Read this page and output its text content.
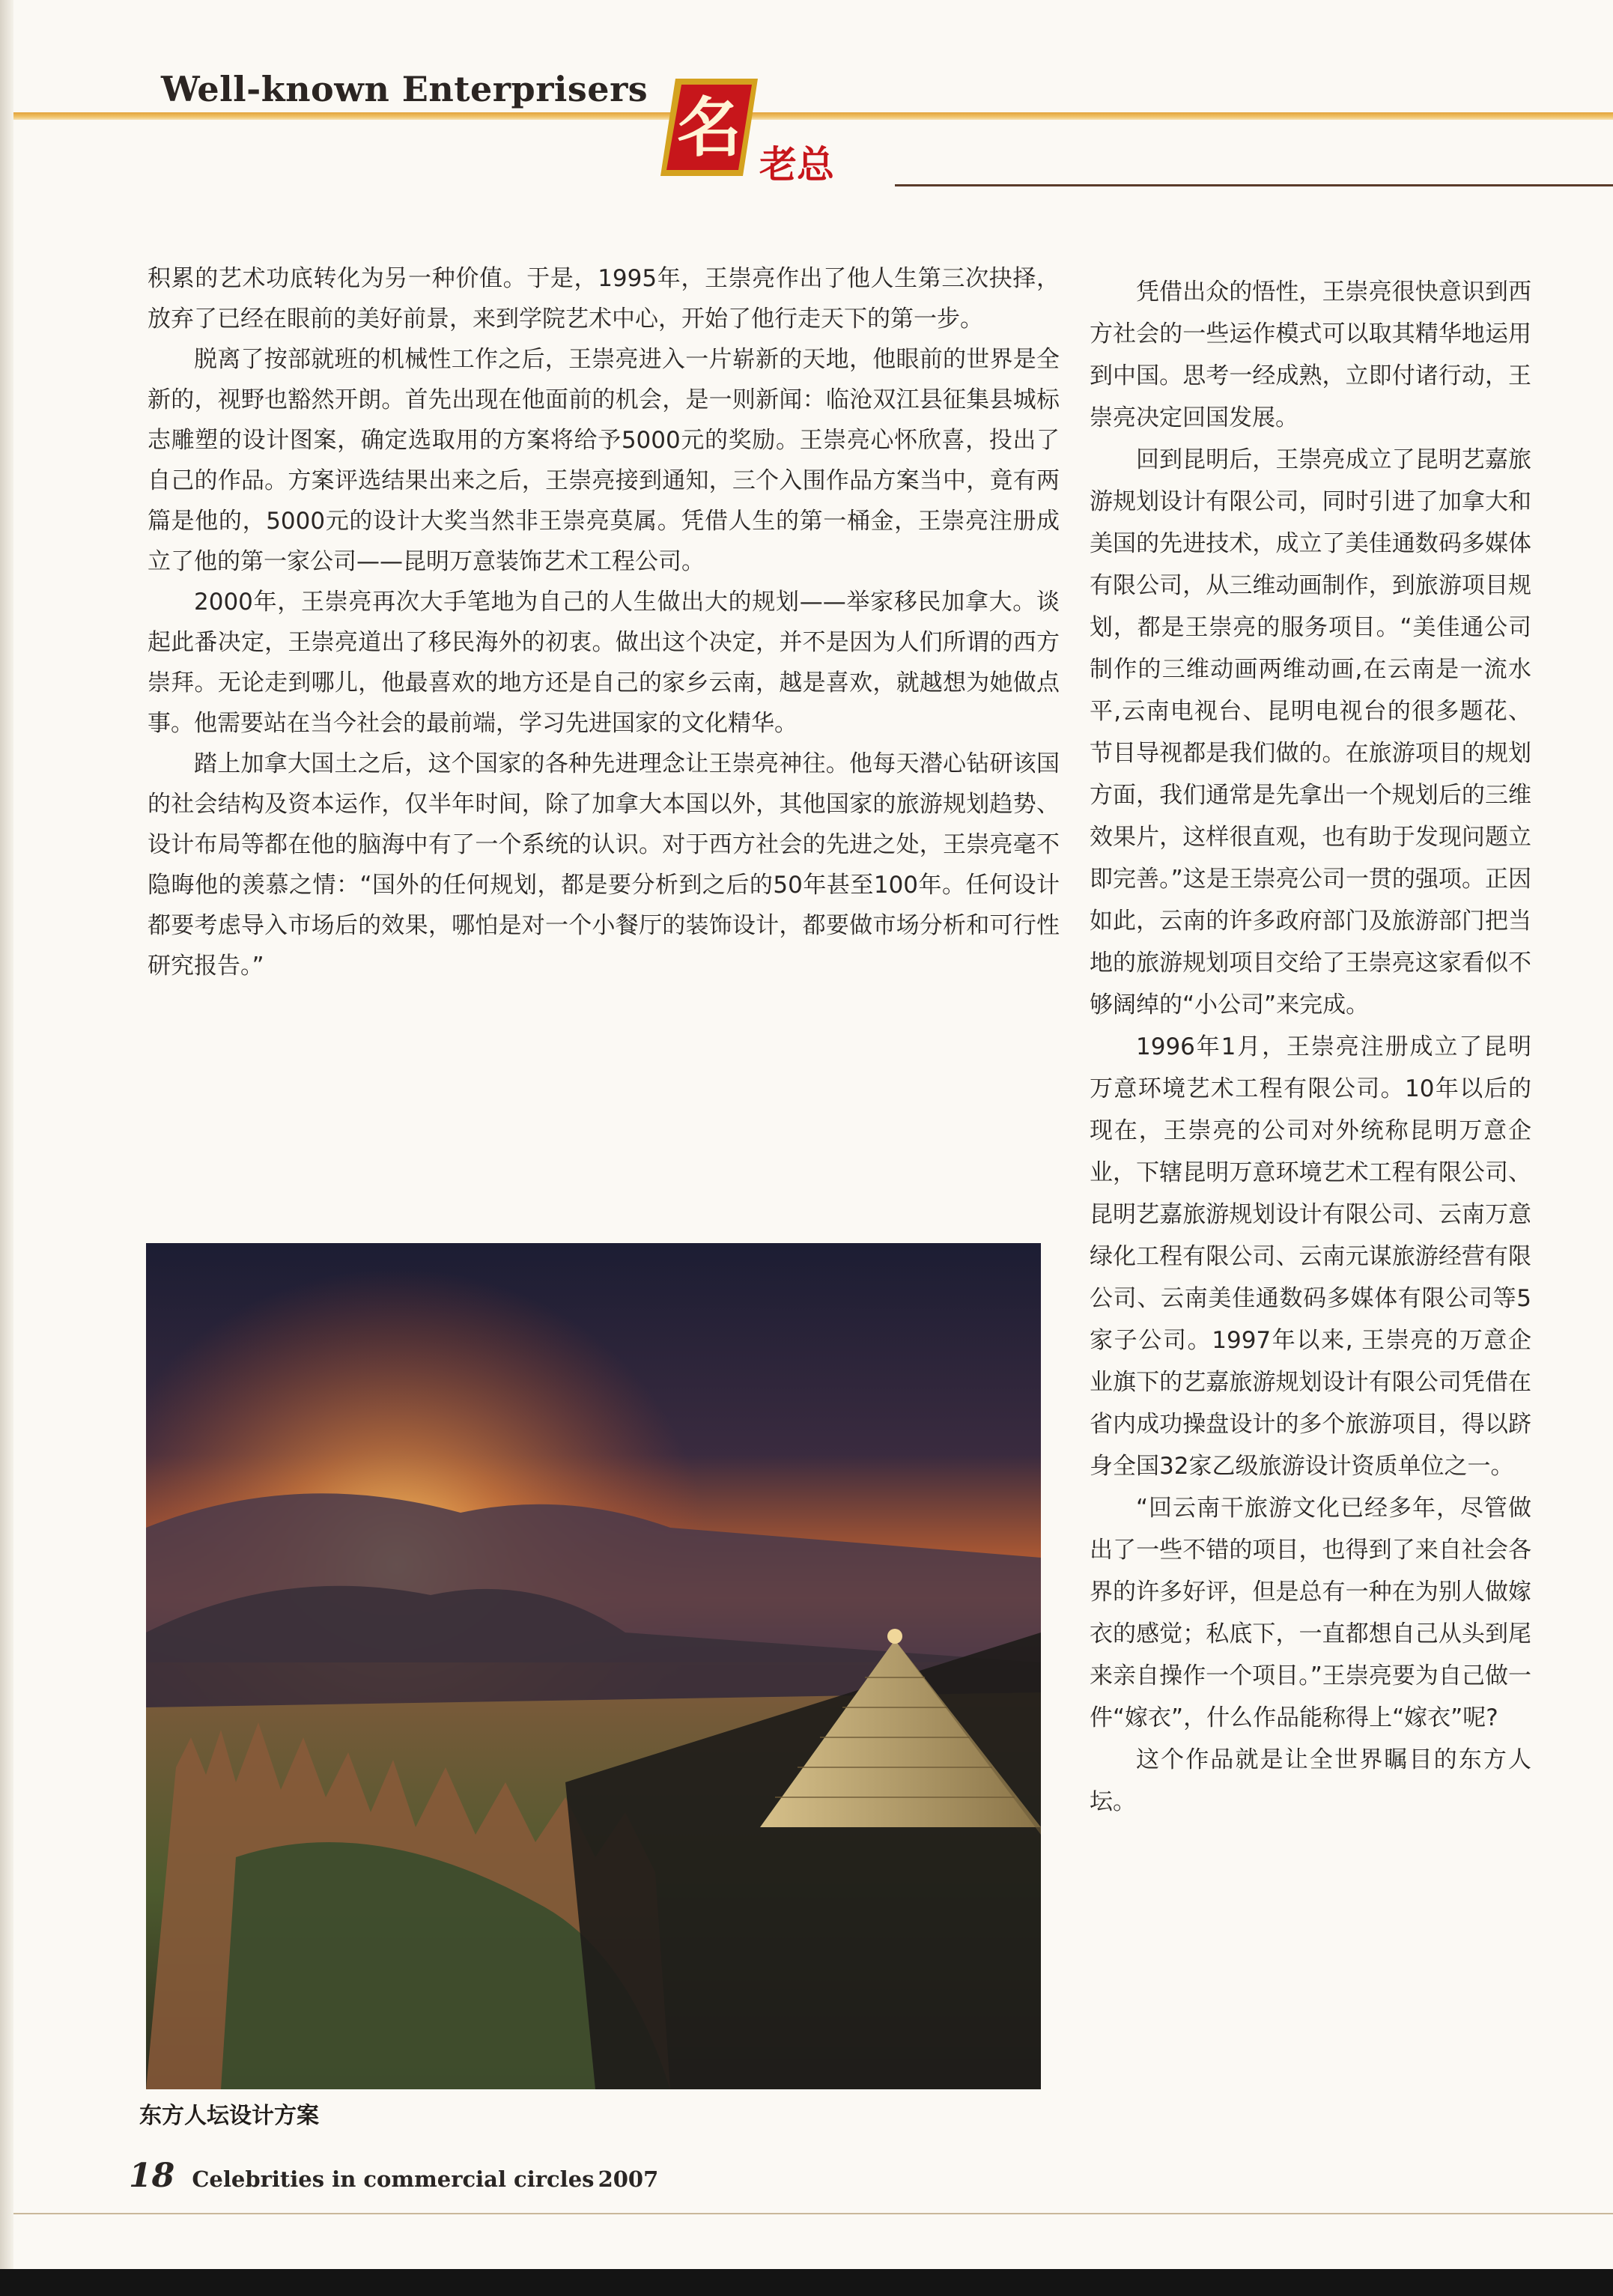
Well-known Enterprisers
名 老总

积累的艺术功底转化为另一种价值。于是，1995年，王崇亮作出了他人生第三次抉择，放弃了已经在眼前的美好前景，来到学院艺术中心，开始了他行走天下的第一步。

脱离了按部就班的机械性工作之后，王崇亮进入一片崭新的天地，他眼前的世界是全新的，视野也豁然开朗。首先出现在他面前的机会，是一则新闻：临沧双江县征集县城标志雕塑的设计图案，确定选取用的方案将给予5000元的奖励。王崇亮心怀欣喜，投出了自己的作品。方案评选结果出来之后，王崇亮接到通知，三个入围作品方案当中，竟有两篇是他的，5000元的设计大奖当然非王崇亮莫属。凭借人生的第一桶金，王崇亮注册成立了他的第一家公司——昆明万意装饰艺术工程公司。

2000年，王崇亮再次大手笔地为自己的人生做出大的规划——举家移民加拿大。谈起此番决定，王崇亮道出了移民海外的初衷。做出这个决定，并不是因为人们所谓的西方崇拜。无论走到哪儿，他最喜欢的地方还是自己的家乡云南，越是喜欢，就越想为她做点事。他需要站在当今社会的最前端，学习先进国家的文化精华。

踏上加拿大国土之后，这个国家的各种先进理念让王崇亮神往。他每天潜心钻研该国的社会结构及资本运作，仅半年时间，除了加拿大本国以外，其他国家的旅游规划趋势、设计布局等都在他的脑海中有了一个系统的认识。对于西方社会的先进之处，王崇亮毫不隐晦他的羡慕之情：“国外的任何规划，都是要分析到之后的50年甚至100年。任何设计都要考虑导入市场后的效果，哪怕是对一个小餐厅的装饰设计，都要做市场分析和可行性研究报告。”

凭借出众的悟性，王崇亮很快意识到西方社会的一些运作模式可以取其精华地运用到中国。思考一经成熟，立即付诸行动，王崇亮决定回国发展。

回到昆明后，王崇亮成立了昆明艺嘉旅游规划设计有限公司，同时引进了加拿大和美国的先进技术，成立了美佳通数码多媒体有限公司，从三维动画制作，到旅游项目规划，都是王崇亮的服务项目。“美佳通公司制作的三维动画两维动画,在云南是一流水平,云南电视台、昆明电视台的很多题花、节目导视都是我们做的。在旅游项目的规划方面，我们通常是先拿出一个规划后的三维效果片，这样很直观，也有助于发现问题立即完善。”这是王崇亮公司一贯的强项。正因如此，云南的许多政府部门及旅游部门把当地的旅游规划项目交给了王崇亮这家看似不够阔绰的“小公司”来完成。

1996年1月，王崇亮注册成立了昆明万意环境艺术工程有限公司。10年以后的现在，王崇亮的公司对外统称昆明万意企业，下辖昆明万意环境艺术工程有限公司、昆明艺嘉旅游规划设计有限公司、云南万意绿化工程有限公司、云南元谋旅游经营有限公司、云南美佳通数码多媒体有限公司等5家子公司。1997年以来, 王崇亮的万意企业旗下的艺嘉旅游规划设计有限公司凭借在省内成功操盘设计的多个旅游项目，得以跻身全国32家乙级旅游设计资质单位之一。

“回云南干旅游文化已经多年，尽管做出了一些不错的项目，也得到了来自社会各界的许多好评，但是总有一种在为别人做嫁衣的感觉；私底下，一直都想自己从头到尾来亲自操作一个项目。”王崇亮要为自己做一件“嫁衣”，什么作品能称得上“嫁衣”呢?

这个作品就是让全世界瞩目的东方人坛。

东方人坛设计方案
18 Celebrities in commercial circles 2007
